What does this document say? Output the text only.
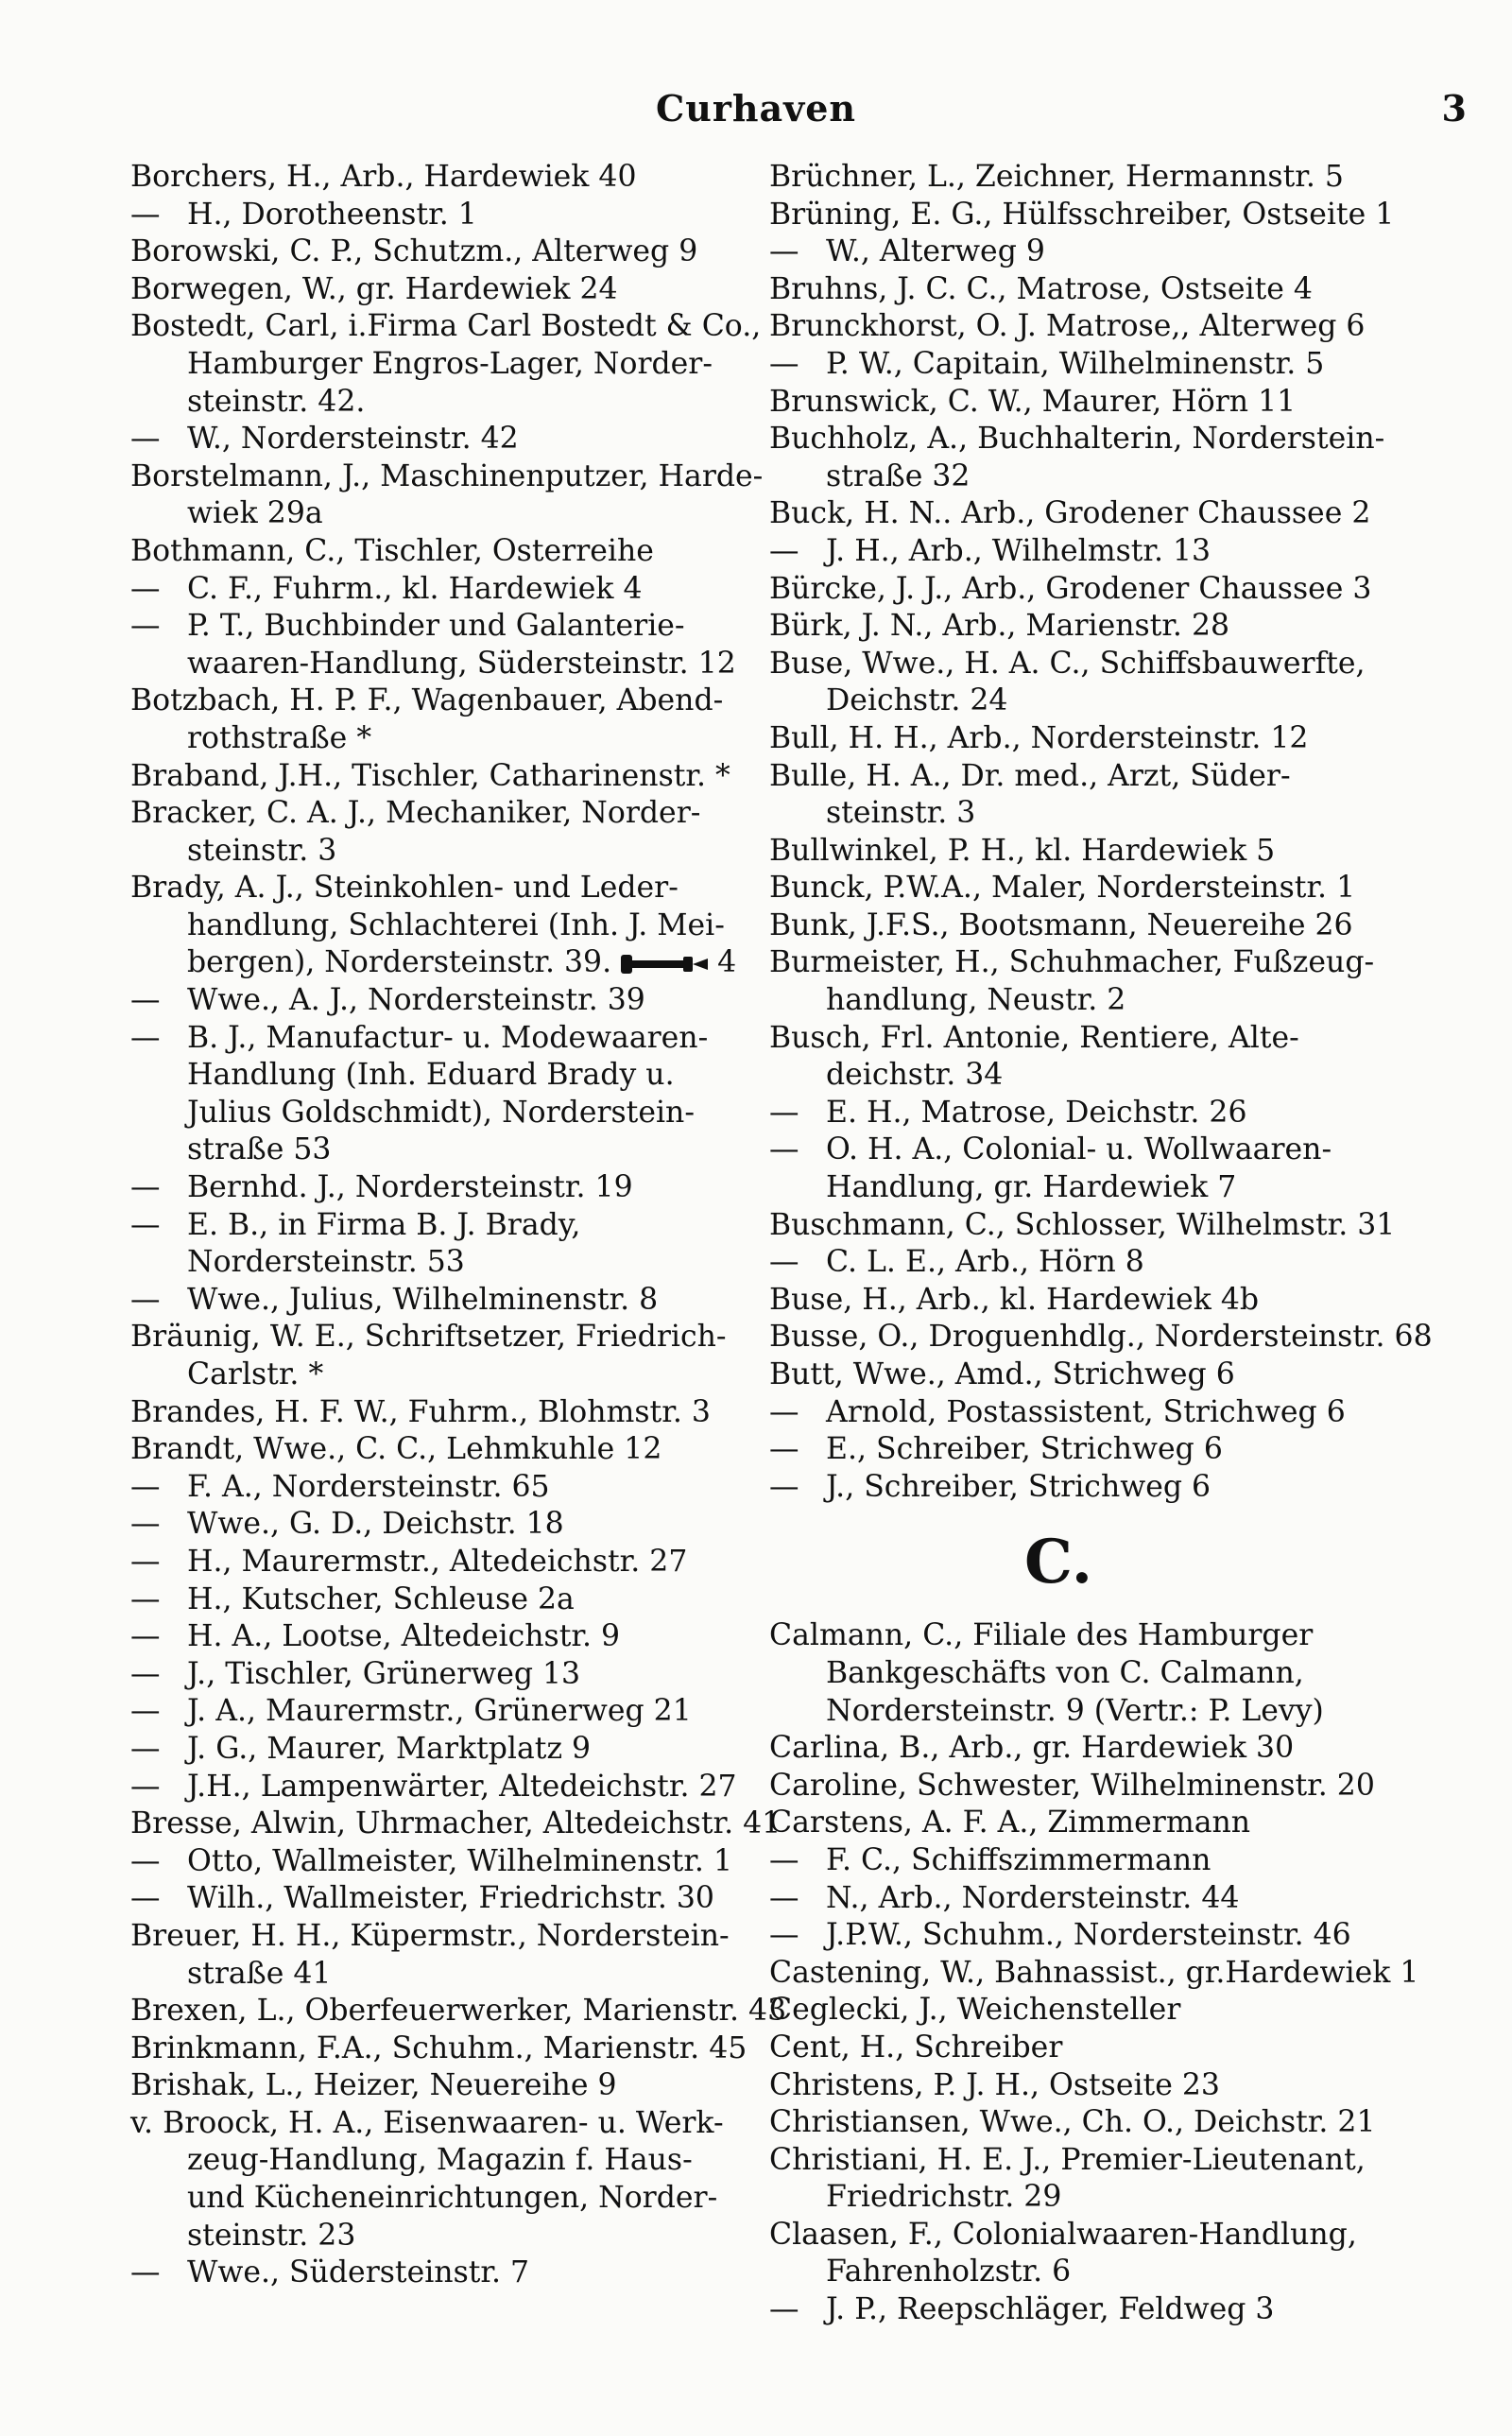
Curhaven	3
Borchers, H., Arb., Hardewiek 40
— H., Dorotheenstr. 1
Borowski, C. P., Schutzm., Alterweg 9
Borwegen, W., gr. Hardewiek 24
Bostedt, Carl, i.Firma Carl Bostedt & Co.,
Hamburger Engros-Lager, Norder-
steinstr. 42.
— W., Nordersteinstr. 42
Borstelmann, J., Maschinenputzer, Harde-
wiek 29a
Bothmann, C., Tischler, Osterreihe
— C. F., Fuhrm., kl. Hardewiek 4
— P. T., Buchbinder und Galanterie-
waaren-Handlung, Südersteinstr. 12
Botzbach, H. P. F., Wagenbauer, Abend-
rothstraße *
Braband, J.H., Tischler, Catharinenstr. *
Bracker, C. A. J., Mechaniker, Norder-
steinstr. 3
Brady, A. J., Steinkohlen- und Leder-
handlung, Schlachterei (Inh. J. Mei-
bergen), Nordersteinstr. 39.	4
— Wwe., A. J., Nordersteinstr. 39
— B. J., Manufactur- u. Modewaaren-
Handlung (Inh. Eduard Brady u.
Julius Goldschmidt), Norderstein-
straße 53
— Bernhd. J., Nordersteinstr. 19
— E. B., in Firma B. J. Brady,
Nordersteinstr. 53
— Wwe., Julius, Wilhelminenstr. 8
Bräunig, W. E., Schriftsetzer, Friedrich-
Carlstr. *
Brandes, H. F. W., Fuhrm., Blohmstr. 3
Brandt, Wwe., C. C., Lehmkuhle 12
— F. A., Nordersteinstr. 65
— Wwe., G. D., Deichstr. 18
— H., Maurermstr., Altedeichstr. 27
— H., Kutscher, Schleuse 2a
— H. A., Lootse, Altedeichstr. 9
— J., Tischler, Grünerweg 13
— J. A., Maurermstr., Grünerweg 21
— J. G., Maurer, Marktplatz 9
— J.H., Lampenwärter, Altedeichstr. 27
Bresse, Alwin, Uhrmacher, Altedeichstr. 41
— Otto, Wallmeister, Wilhelminenstr. 1
— Wilh., Wallmeister, Friedrichstr. 30
Breuer, H. H., Küpermstr., Norderstein-
straße 41
Brexen, L., Oberfeuerwerker, Marienstr. 43
Brinkmann, F.A., Schuhm., Marienstr. 45
Brishak, L., Heizer, Neuereihe 9
v. Broock, H. A., Eisenwaaren- u. Werk-
zeug-Handlung, Magazin f. Haus-
und Kücheneinrichtungen, Norder-
steinstr. 23
— Wwe., Südersteinstr. 7
Brüchner, L., Zeichner, Hermannstr. 5
Brüning, E. G., Hülfsschreiber, Ostseite 1
— W., Alterweg 9
Bruhns, J. C. C., Matrose, Ostseite 4
Brunckhorst, O. J. Matrose,, Alterweg 6
— P. W., Capitain, Wilhelminenstr. 5
Brunswick, C. W., Maurer, Hörn 11
Buchholz, A., Buchhalterin, Norderstein-
straße 32
Buck, H. N.. Arb., Grodener Chaussee 2
— J. H., Arb., Wilhelmstr. 13
Bürcke, J. J., Arb., Grodener Chaussee 3
Bürk, J. N., Arb., Marienstr. 28
Buse, Wwe., H. A. C., Schiffsbauwerfte,
Deichstr. 24
Bull, H. H., Arb., Nordersteinstr. 12
Bulle, H. A., Dr. med., Arzt, Süder-
steinstr. 3
Bullwinkel, P. H., kl. Hardewiek 5
Bunck, P.W.A., Maler, Nordersteinstr. 1
Bunk, J.F.S., Bootsmann, Neuereihe 26
Burmeister, H., Schuhmacher, Fußzeug-
handlung, Neustr. 2
Busch, Frl. Antonie, Rentiere, Alte-
deichstr. 34
— E. H., Matrose, Deichstr. 26
— O. H. A., Colonial- u. Wollwaaren-
Handlung, gr. Hardewiek 7
Buschmann, C., Schlosser, Wilhelmstr. 31
— C. L. E., Arb., Hörn 8
Buse, H., Arb., kl. Hardewiek 4b
Busse, O., Droguenhdlg., Nordersteinstr. 68
Butt, Wwe., Amd., Strichweg 6
— Arnold, Postassistent, Strichweg 6
— E., Schreiber, Strichweg 6
— J., Schreiber, Strichweg 6
C.
Calmann, C., Filiale des Hamburger
Bankgeschäfts von C. Calmann,
Nordersteinstr. 9 (Vertr.: P. Levy)
Carlina, B., Arb., gr. Hardewiek 30
Caroline, Schwester, Wilhelminenstr. 20
Carstens, A. F. A., Zimmermann
— F. C., Schiffszimmermann
— N., Arb., Nordersteinstr. 44
— J.P.W., Schuhm., Nordersteinstr. 46
Castening, W., Bahnassist., gr.Hardewiek 1
Ceglecki, J., Weichensteller
Cent, H., Schreiber
Christens, P. J. H., Ostseite 23
Christiansen, Wwe., Ch. O., Deichstr. 21
Christiani, H. E. J., Premier-Lieutenant,
Friedrichstr. 29
Claasen, F., Colonialwaaren-Handlung,
Fahrenholzstr. 6
— J. P., Reepschläger, Feldweg 3
